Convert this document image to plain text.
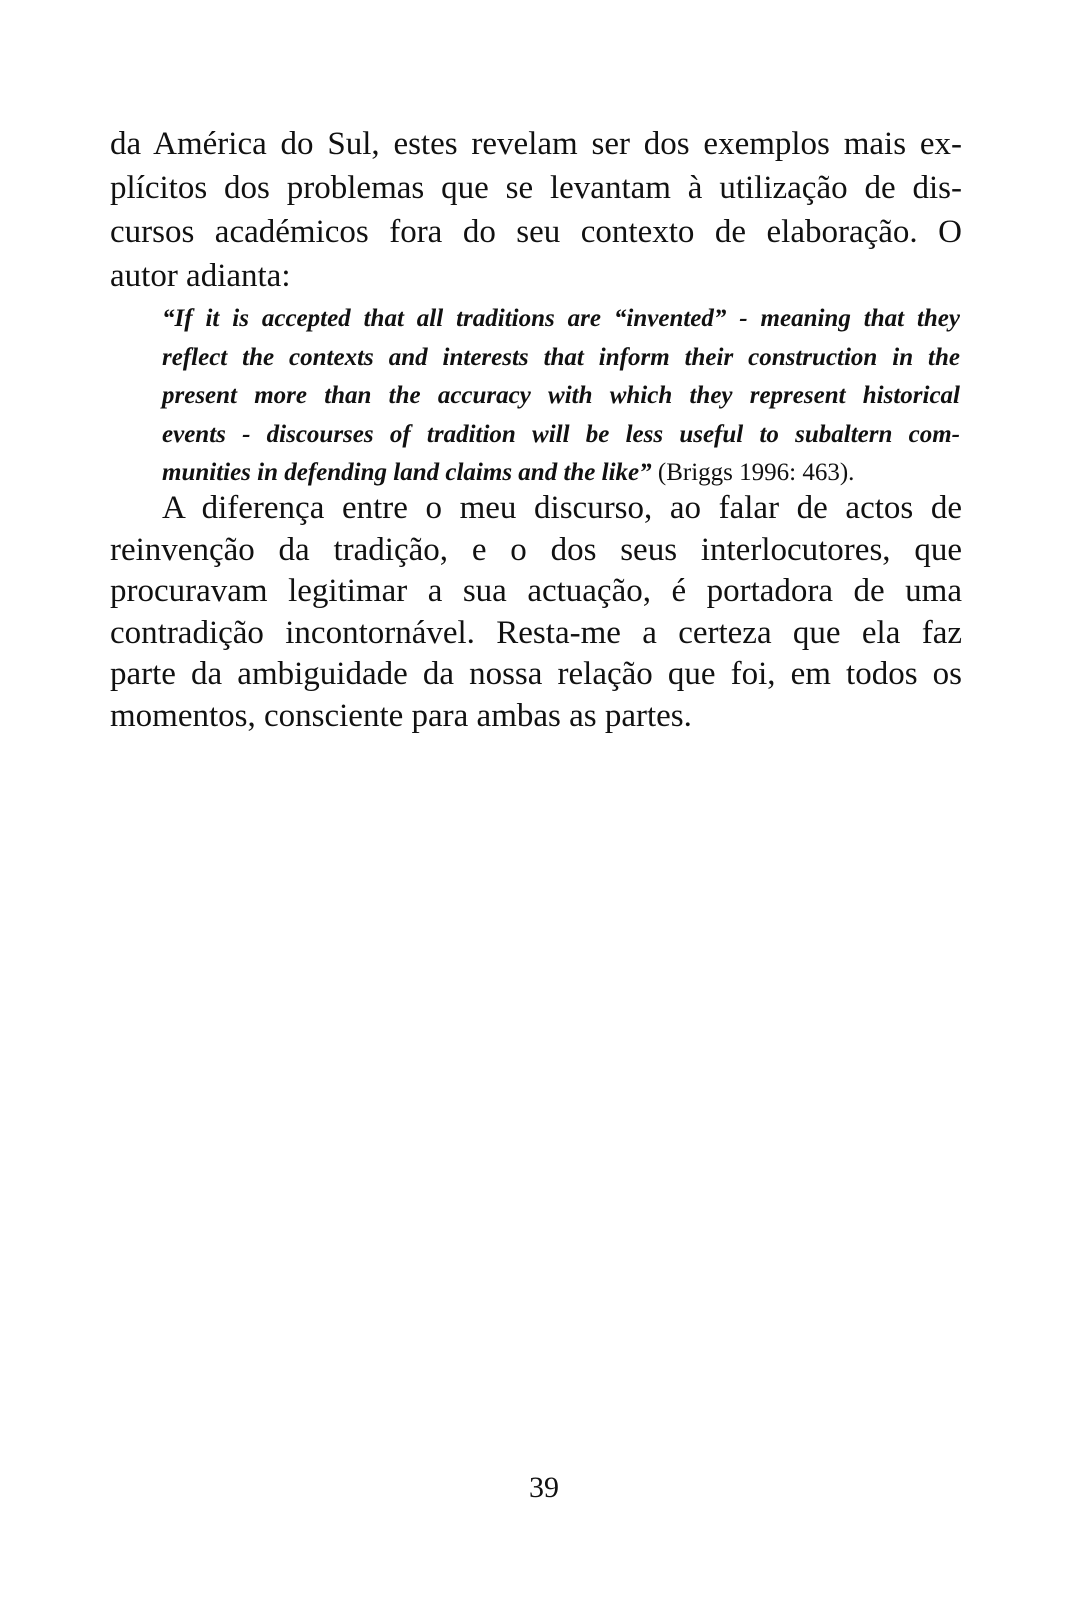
da América do Sul, estes revelam ser dos exemplos mais ex-
plícitos dos problemas que se levantam à utilização de dis-
cursos académicos fora do seu contexto de elaboração. O
autor adianta:
“If it is accepted that all traditions are “invented” - meaning that they
reflect the contexts and interests that inform their construction in the
present more than the accuracy with which they represent historical
events - discourses of tradition will be less useful to subaltern com-
munities in defending land claims and the like” (Briggs 1996: 463).
A diferença entre o meu discurso, ao falar de actos de
reinvenção da tradição, e o dos seus interlocutores, que
procuravam legitimar a sua actuação, é portadora de uma
contradição incontornável. Resta-me a certeza que ela faz
parte da ambiguidade da nossa relação que foi, em todos os
momentos, consciente para ambas as partes.
39
